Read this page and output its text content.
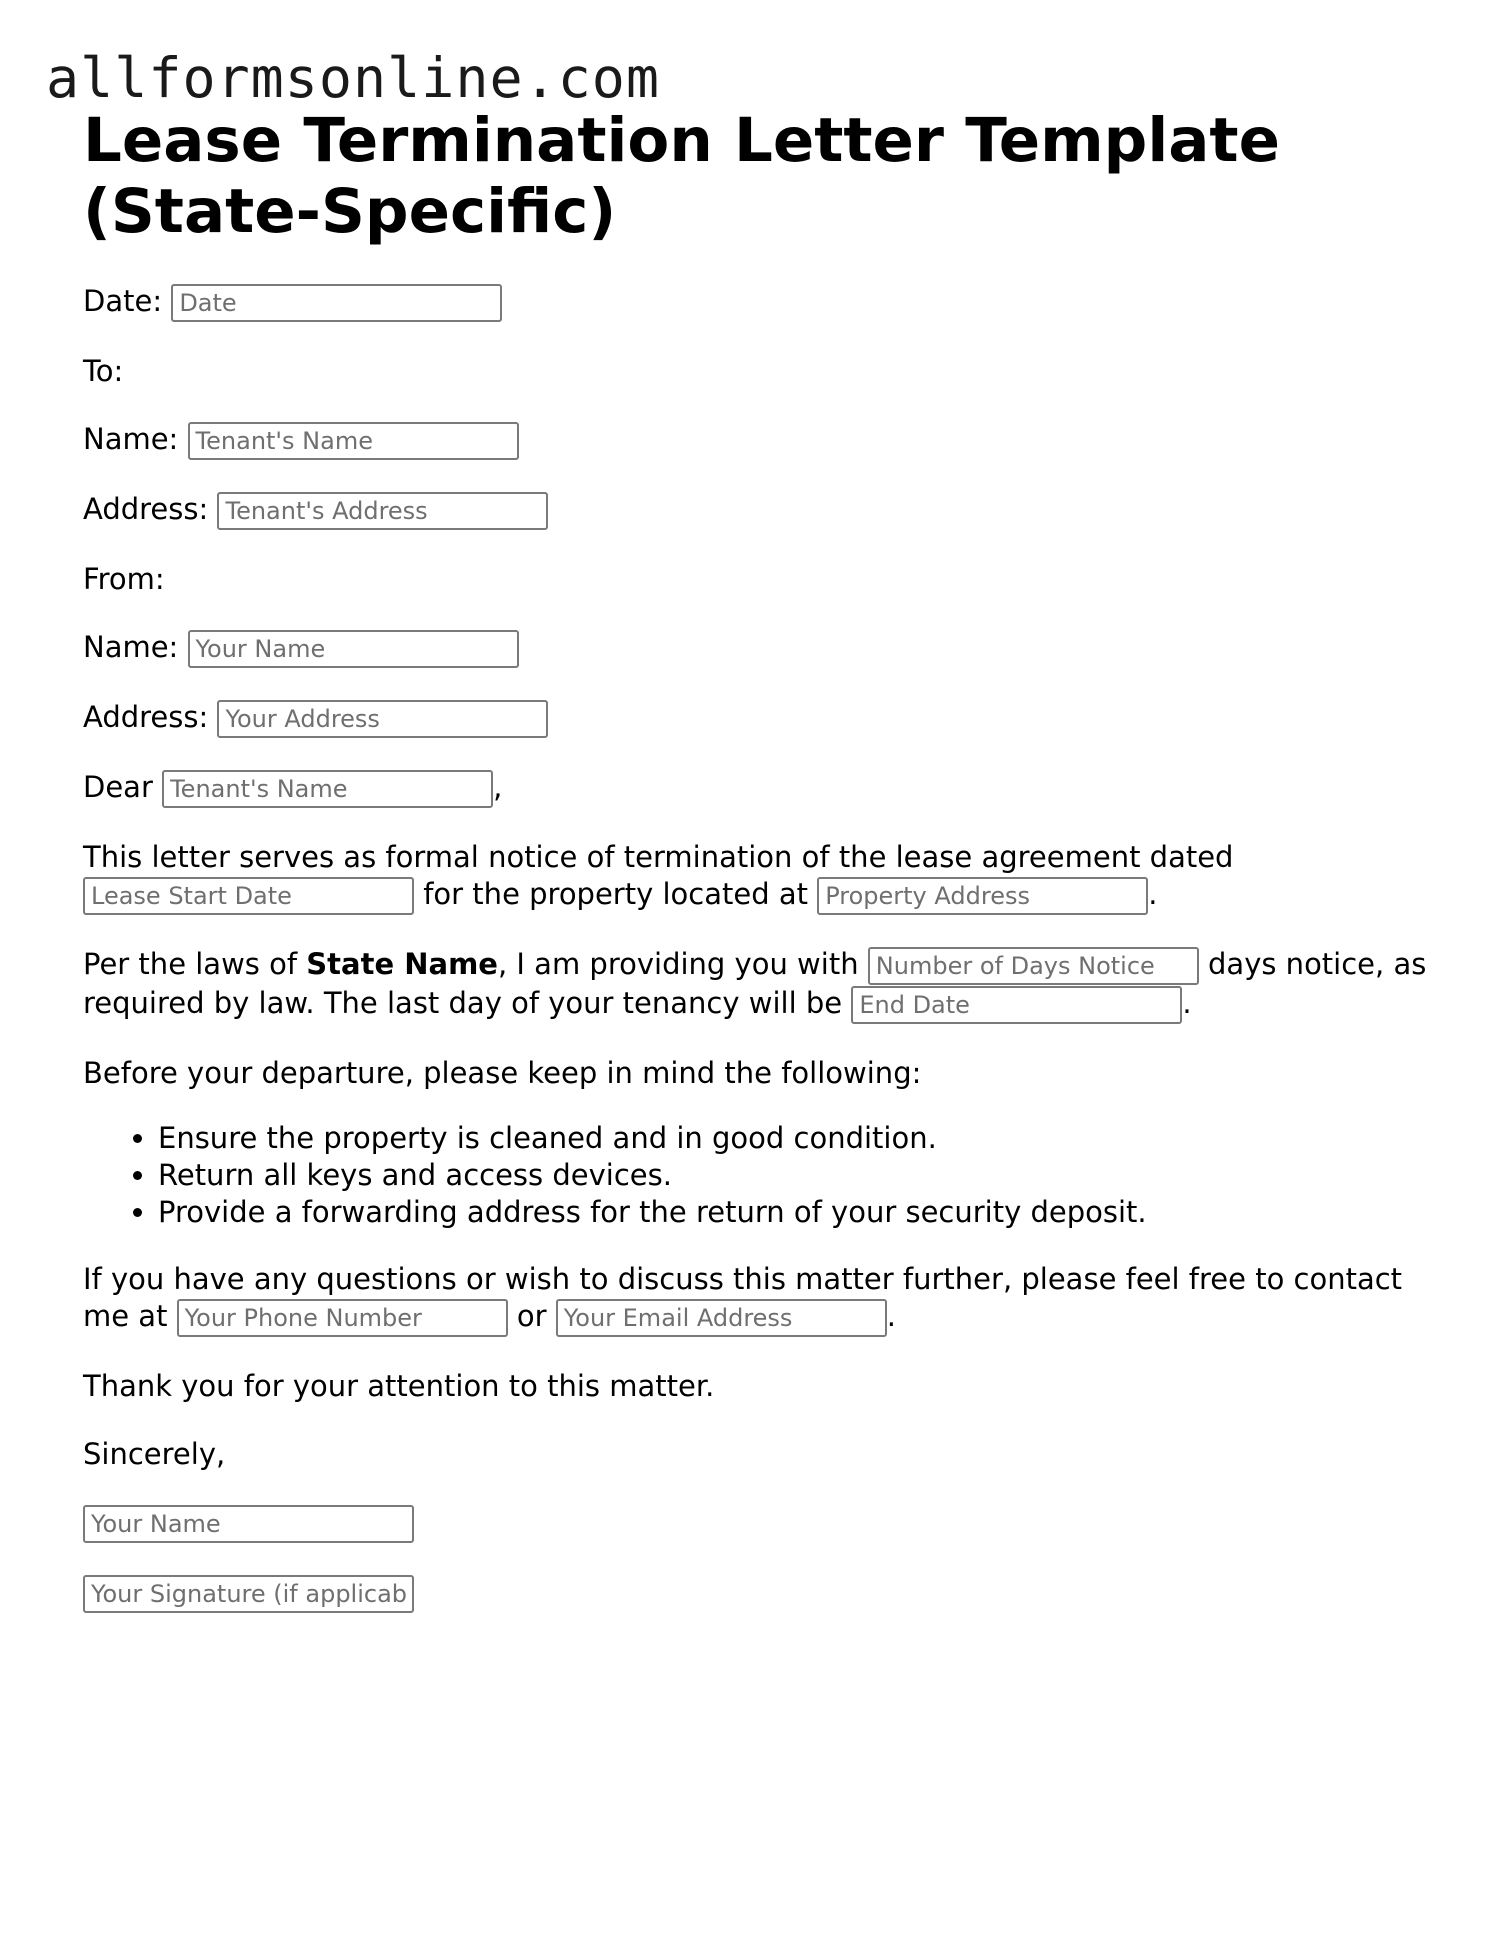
allformsonline.com
Lease Termination Letter Template (State-Specific)

Date: Date

To:

Name: Tenant's Name

Address: Tenant's Address

From:

Name: Your Name

Address: Your Address

Dear Tenant's Name	,

This letter serves as formal notice of termination of the lease agreement dated Lease Start Date for the property located at Property Address	.

Per the laws of State Name, I am providing you with Number of Days Notice	days notice, as required by law. The last day of your tenancy will be End Date	.

Before your departure, please keep in mind the following:

• Ensure the property is cleaned and in good condition.
• Return all keys and access devices.
• Provide a forwarding address for the return of your security deposit.

If you have any questions or wish to discuss this matter further, please feel free to contact me at Your Phone Number	or Your Email Address	.

Thank you for your attention to this matter.

Sincerely,

Your Name

Your Signature (if applicab
